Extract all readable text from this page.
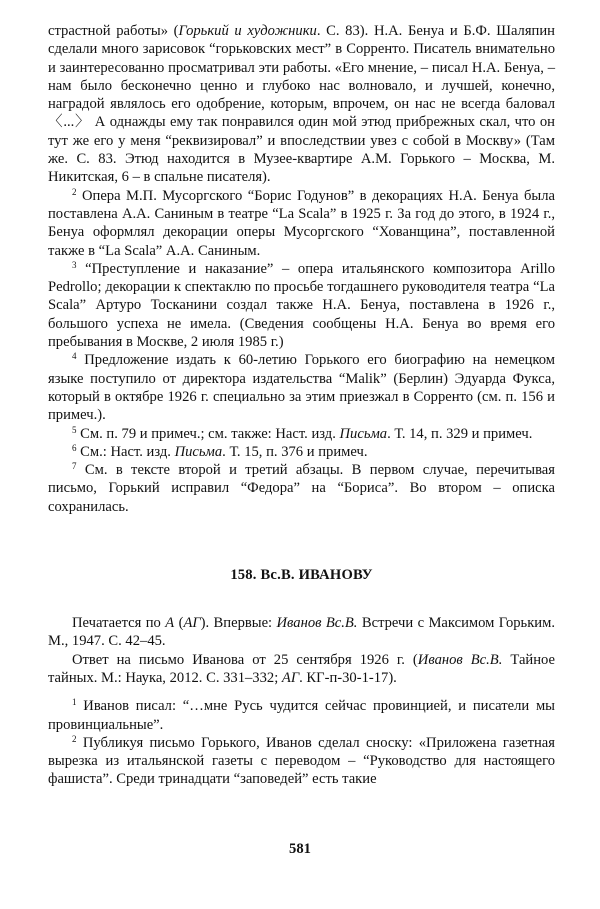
страстной работы» (Горький и художники. С. 83). Н.А. Бенуа и Б.Ф. Шаляпин сделали много зарисовок “горьковских мест” в Сорренто. Писатель внимательно и заинтересованно просматривал эти работы. «Его мнение, – писал Н.А. Бенуа, – нам было бесконечно ценно и глубоко нас волновало, и лучшей, конечно, наградой являлось его одобрение, которым, впрочем, он нас не всегда баловал 〈...〉 А однажды ему так понравился один мой этюд прибрежных скал, что он тут же его у меня “реквизировал” и впоследствии увез с собой в Москву» (Там же. С. 83. Этюд находится в Музее-квартире А.М. Горького – Москва, М. Никитская, 6 – в спальне писателя).

$^2$ Опера М.П. Мусоргского “Борис Годунов” в декорациях Н.А. Бенуа была поставлена А.А. Саниным в театре “La Scala” в 1925 г. За год до этого, в 1924 г., Бенуа оформлял декорации оперы Мусоргского “Хованщина”, поставленной также в “La Scala” А.А. Саниным.

$^3$ “Преступление и наказание” – опера итальянского композитора Arillo Pedrollo; декорации к спектаклю по просьбе тогдашнего руководителя театра “La Scala” Артуро Тосканини создал также Н.А. Бенуа, поставлена в 1926 г., большого успеха не имела. (Сведения сообщены Н.А. Бенуа во время его пребывания в Москве, 2 июля 1985 г.)

$^4$ Предложение издать к 60-летию Горького его биографию на немецком языке поступило от директора издательства “Malik” (Берлин) Эдуарда Фукса, который в октябре 1926 г. специально за этим приезжал в Сорренто (см. п. 156 и примеч.).

$^5$ См. п. 79 и примеч.; см. также: Наст. изд. Письма. Т. 14, п. 329 и примеч.

$^6$ См.: Наст. изд. Письма. Т. 15, п. 376 и примеч.

$^7$ См. в тексте второй и третий абзацы. В первом случае, перечитывая письмо, Горький исправил “Федора” на “Бориса”. Во втором – описка сохранилась.

158. Вс.В. ИВАНОВУ

Печатается по А (АГ). Впервые: Иванов Вс.В. Встречи с Максимом Горьким. М., 1947. С. 42–45.

Ответ на письмо Иванова от 25 сентября 1926 г. (Иванов Вс.В. Тайное тайных. М.: Наука, 2012. С. 331–332; АГ. КГ-п-30-1-17).

$^1$ Иванов писал: “…мне Русь чудится сейчас провинцией, и писатели мы провинциальные”.

$^2$ Публикуя письмо Горького, Иванов сделал сноску: «Приложена газетная вырезка из итальянской газеты с переводом – “Руководство для настоящего фашиста”. Среди тринадцати “заповедей” есть такие

581
